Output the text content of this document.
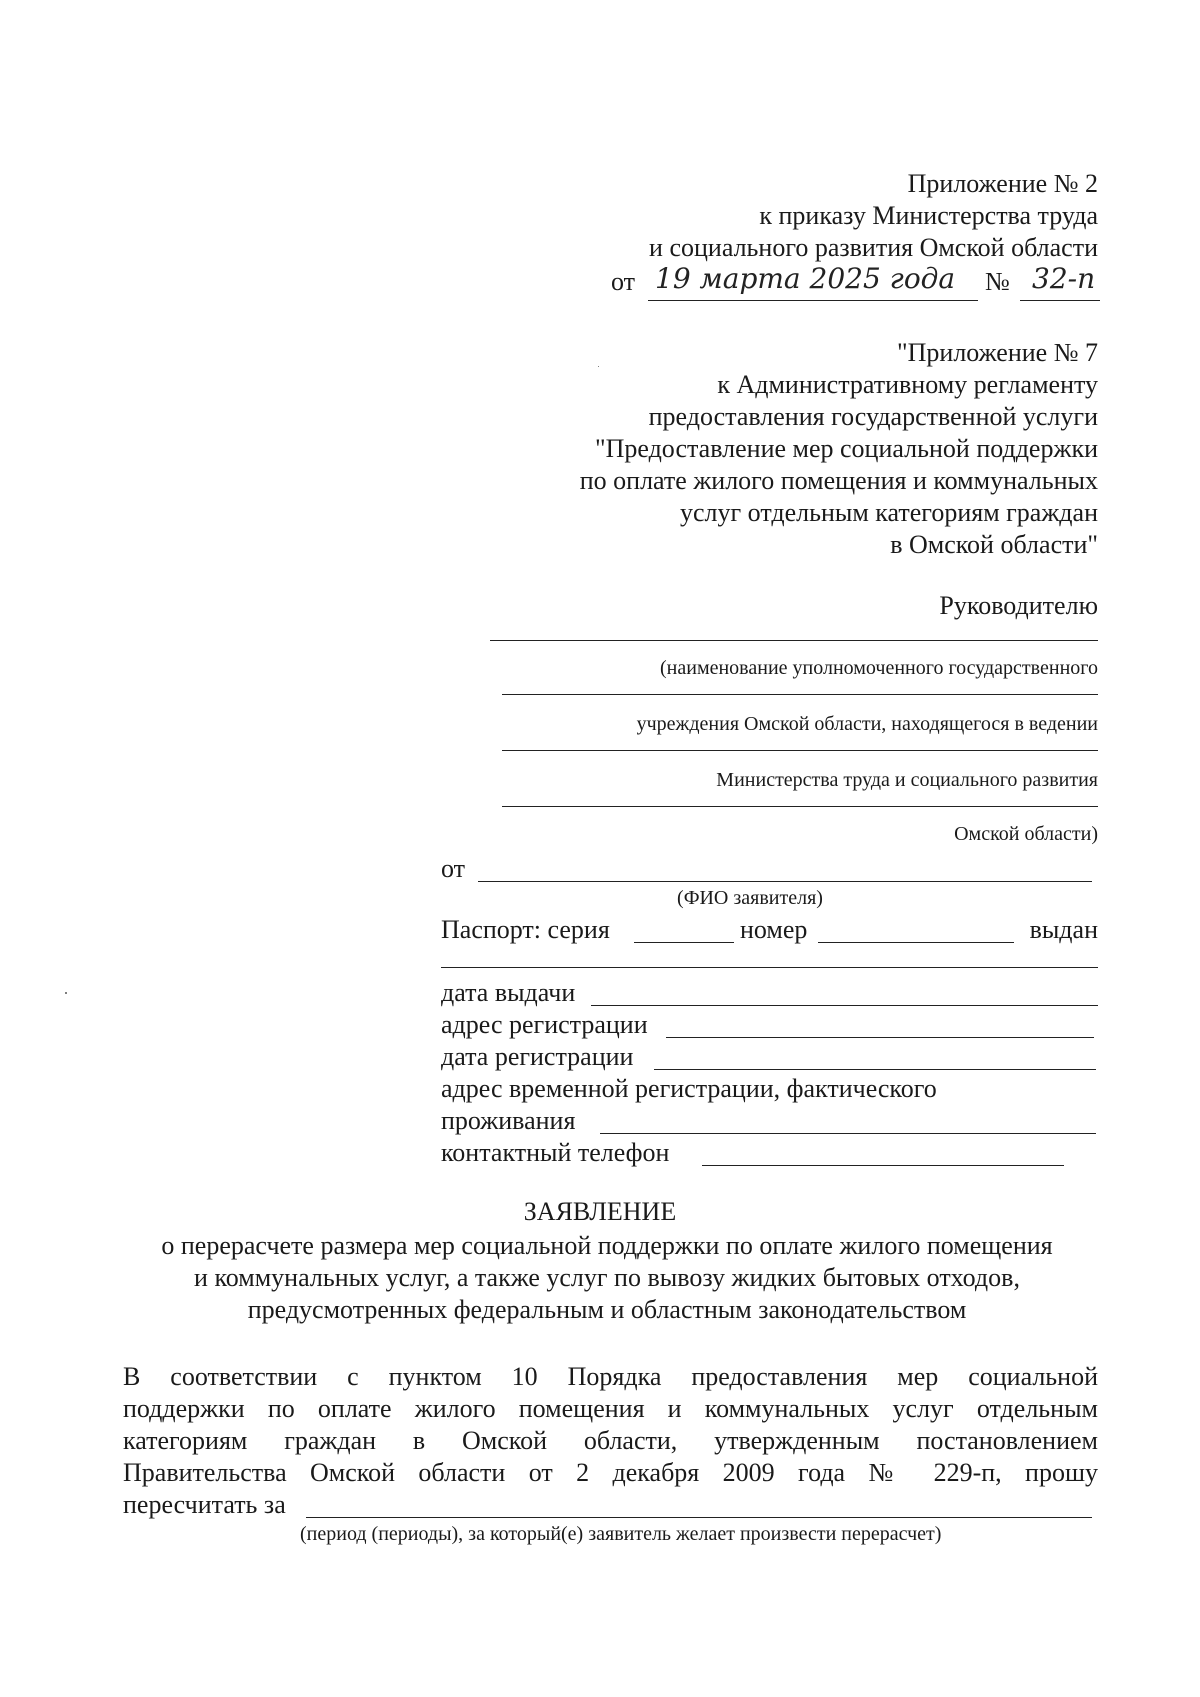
Приложение № 2
к приказу Министерства труда
и социального развития Омской области
от 19 марта 2025 года № 32-п
"Приложение № 7
к Административному регламенту
предоставления государственной услуги
"Предоставление мер социальной поддержки
по оплате жилого помещения и коммунальных
услуг отдельным категориям граждан
в Омской области"
Руководителю
(наименование уполномоченного государственного
учреждения Омской области, находящегося в ведении
Министерства труда и социального развития
Омской области)
от
(ФИО заявителя)
Паспорт: серия	номер	выдан
дата выдачи
адрес регистрации
дата регистрации
адрес временной регистрации, фактического
проживания
контактный телефон
ЗАЯВЛЕНИЕ
о перерасчете размера мер социальной поддержки по оплате жилого помещения
и коммунальных услуг, а также услуг по вывозу жидких бытовых отходов,
предусмотренных федеральным и областным законодательством
В соответствии с пунктом 10 Порядка предоставления мер социальной
поддержки по оплате жилого помещения и коммунальных услуг отдельным
категориям граждан в Омской области, утвержденным постановлением
Правительства Омской области от 2 декабря 2009 года № 229-п, прошу
пересчитать за
(период (периоды), за который(е) заявитель желает произвести перерасчет)
